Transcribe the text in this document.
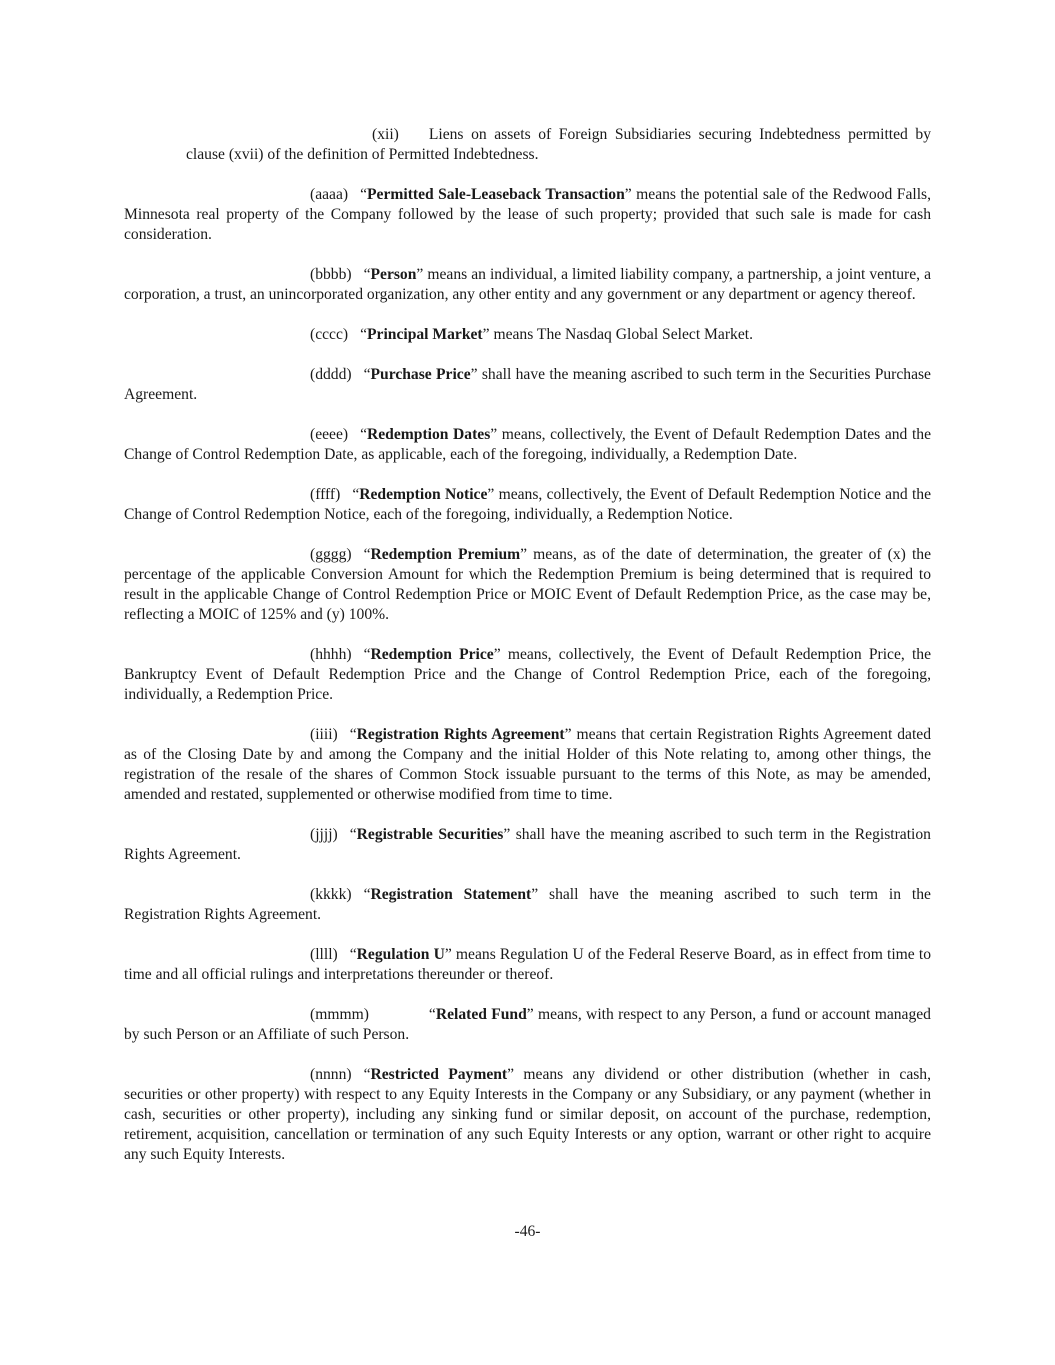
(xii) Liens on assets of Foreign Subsidiaries securing Indebtedness permitted by clause (xvii) of the definition of Permitted Indebtedness.

(aaaa) “Permitted Sale-Leaseback Transaction” means the potential sale of the Redwood Falls, Minnesota real property of the Company followed by the lease of such property; provided that such sale is made for cash consideration.

(bbbb) “Person” means an individual, a limited liability company, a partnership, a joint venture, a corporation, a trust, an unincorporated organization, any other entity and any government or any department or agency thereof.

(cccc) “Principal Market” means The Nasdaq Global Select Market.

(dddd) “Purchase Price” shall have the meaning ascribed to such term in the Securities Purchase Agreement.

(eeee) “Redemption Dates” means, collectively, the Event of Default Redemption Dates and the Change of Control Redemption Date, as applicable, each of the foregoing, individually, a Redemption Date.

(ffff) “Redemption Notice” means, collectively, the Event of Default Redemption Notice and the Change of Control Redemption Notice, each of the foregoing, individually, a Redemption Notice.

(gggg) “Redemption Premium” means, as of the date of determination, the greater of (x) the percentage of the applicable Conversion Amount for which the Redemption Premium is being determined that is required to result in the applicable Change of Control Redemption Price or MOIC Event of Default Redemption Price, as the case may be, reflecting a MOIC of 125% and (y) 100%.

(hhhh) “Redemption Price” means, collectively, the Event of Default Redemption Price, the Bankruptcy Event of Default Redemption Price and the Change of Control Redemption Price, each of the foregoing, individually, a Redemption Price.

(iiii) “Registration Rights Agreement” means that certain Registration Rights Agreement dated as of the Closing Date by and among the Company and the initial Holder of this Note relating to, among other things, the registration of the resale of the shares of Common Stock issuable pursuant to the terms of this Note, as may be amended, amended and restated, supplemented or otherwise modified from time to time.

(jjjj) “Registrable Securities” shall have the meaning ascribed to such term in the Registration Rights Agreement.

(kkkk) “Registration Statement” shall have the meaning ascribed to such term in the Registration Rights Agreement.

(llll) “Regulation U” means Regulation U of the Federal Reserve Board, as in effect from time to time and all official rulings and interpretations thereunder or thereof.

(mmmm)	“Related Fund” means, with respect to any Person, a fund or account managed by such Person or an Affiliate of such Person.

(nnnn) “Restricted Payment” means any dividend or other distribution (whether in cash, securities or other property) with respect to any Equity Interests in the Company or any Subsidiary, or any payment (whether in cash, securities or other property), including any sinking fund or similar deposit, on account of the purchase, redemption, retirement, acquisition, cancellation or termination of any such Equity Interests or any option, warrant or other right to acquire any such Equity Interests.

-46-
